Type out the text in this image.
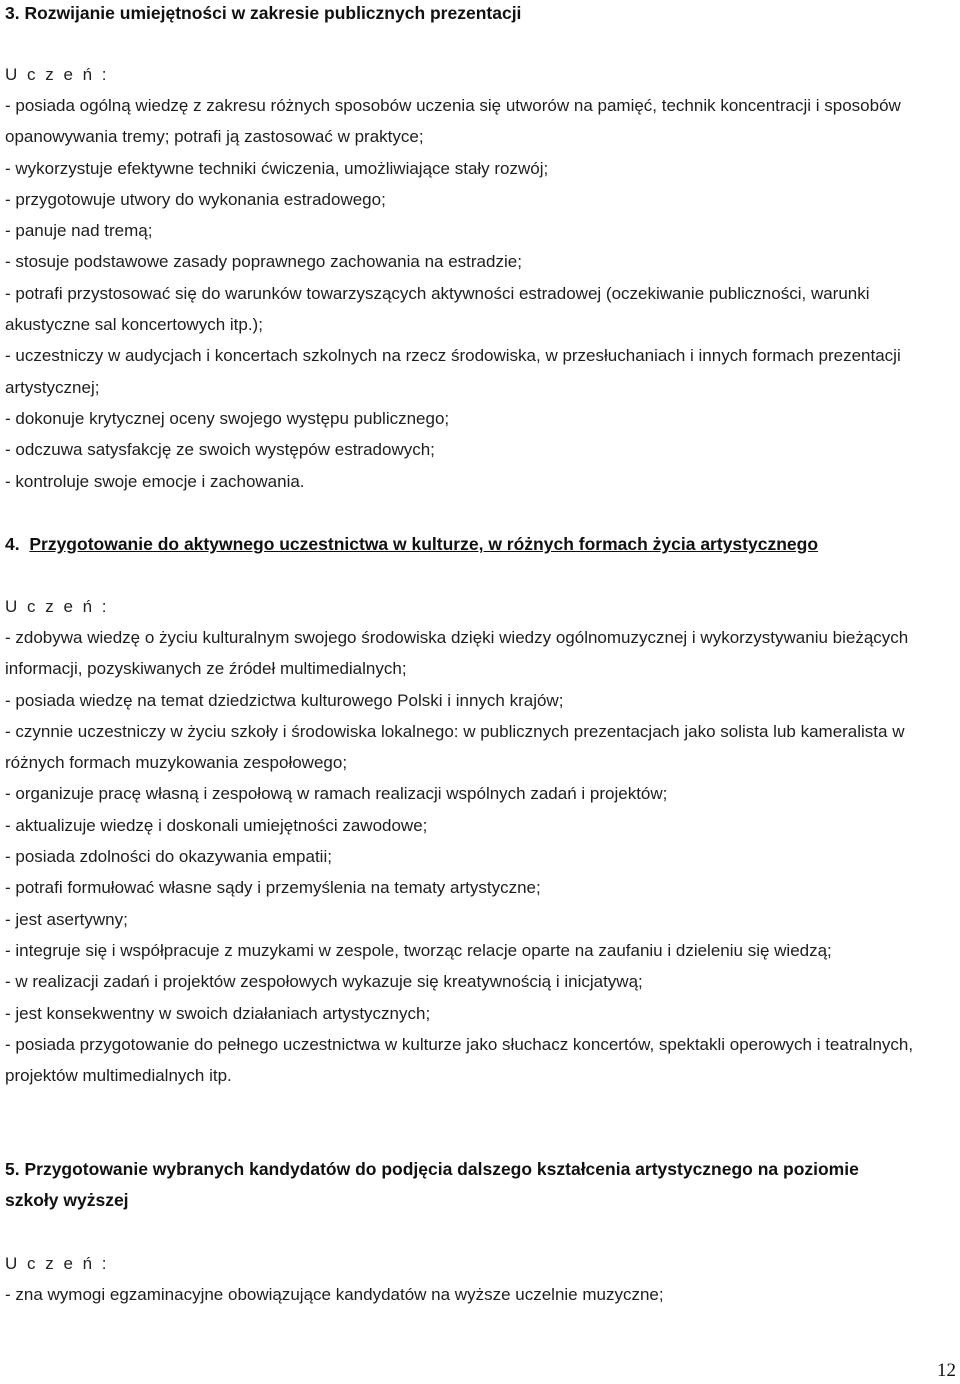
3. Rozwijanie umiejętności w zakresie publicznych prezentacji
U c z e ń :
- posiada ogólną wiedzę z zakresu różnych sposobów uczenia się utworów na pamięć, technik koncentracji i sposobów opanowywania tremy; potrafi ją zastosować w praktyce;
- wykorzystuje efektywne techniki ćwiczenia, umożliwiające stały rozwój;
- przygotowuje utwory do wykonania estradowego;
- panuje nad tremą;
- stosuje podstawowe zasady poprawnego zachowania na estradzie;
- potrafi przystosować się do warunków towarzyszących aktywności estradowej (oczekiwanie publiczności, warunki akustyczne sal koncertowych itp.);
- uczestniczy w audycjach i koncertach szkolnych na rzecz środowiska, w przesłuchaniach i innych formach prezentacji artystycznej;
- dokonuje krytycznej oceny swojego występu publicznego;
- odczuwa satysfakcję ze swoich występów estradowych;
- kontroluje swoje emocje i zachowania.
4. Przygotowanie do aktywnego uczestnictwa w kulturze, w różnych formach życia artystycznego
U c z e ń :
- zdobywa wiedzę o życiu kulturalnym swojego środowiska dzięki wiedzy ogólnomuzycznej i wykorzystywaniu bieżących informacji, pozyskiwanych ze źródeł multimedialnych;
- posiada wiedzę na temat dziedzictwa kulturowego Polski i innych krajów;
- czynnie uczestniczy w życiu szkoły i środowiska lokalnego: w publicznych prezentacjach jako solista lub kameralista w różnych formach muzykowania zespołowego;
- organizuje pracę własną i zespołową w ramach realizacji wspólnych zadań i projektów;
- aktualizuje wiedzę i doskonali umiejętności zawodowe;
- posiada zdolności do okazywania empatii;
- potrafi formułować własne sądy i przemyślenia na tematy artystyczne;
- jest asertywny;
- integruje się i współpracuje z muzykami w zespole, tworząc relacje oparte na zaufaniu i dzieleniu się wiedzą;
- w realizacji zadań i projektów zespołowych wykazuje się kreatywnością i inicjatywą;
- jest konsekwentny w swoich działaniach artystycznych;
- posiada przygotowanie do pełnego uczestnictwa w kulturze jako słuchacz koncertów, spektakli operowych i teatralnych, projektów multimedialnych itp.
5. Przygotowanie wybranych kandydatów do podjęcia dalszego kształcenia artystycznego na poziomie szkoły wyższej
U c z e ń :
- zna wymogi egzaminacyjne obowiązujące kandydatów na wyższe uczelnie muzyczne;
12
